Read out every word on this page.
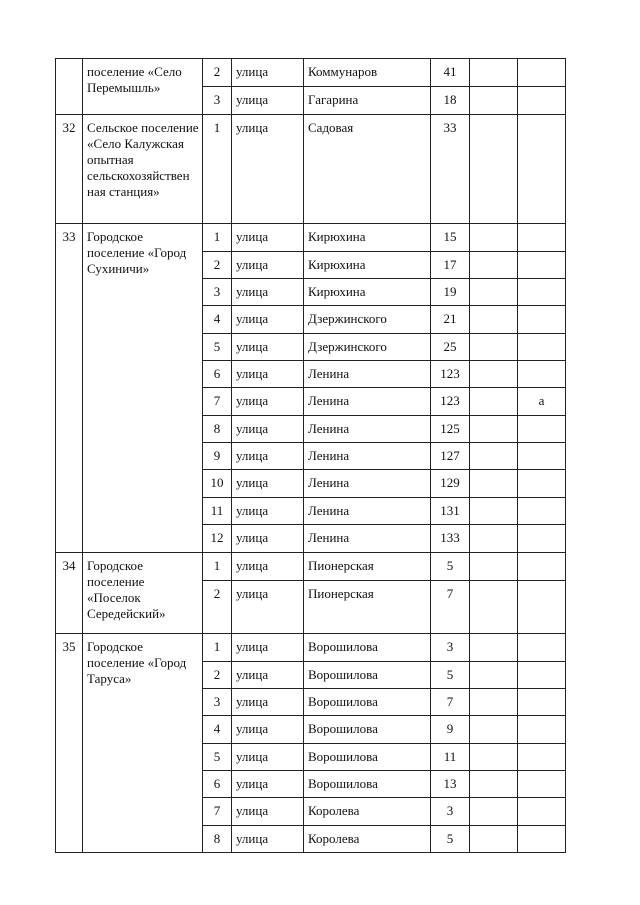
	поселение «Село Перемышль»	2	улица	Коммунаров	41		
		3	улица	Гагарина	18		
32	Сельское поселение «Село Калужская опытная сельскохозяйствен ная станция»	1	улица	Садовая	33		
33	Городское поселение «Город Сухиничи»	1	улица	Кирюхина	15		
		2	улица	Кирюхина	17		
		3	улица	Кирюхина	19		
		4	улица	Дзержинского	21		
		5	улица	Дзержинского	25		
		6	улица	Ленина	123		
		7	улица	Ленина	123		а
		8	улица	Ленина	125		
		9	улица	Ленина	127		
		10	улица	Ленина	129		
		11	улица	Ленина	131		
		12	улица	Ленина	133		
34	Городское поселение «Поселок Середейский»	1	улица	Пионерская	5		
		2	улица	Пионерская	7		
35	Городское поселение «Город Таруса»	1	улица	Ворошилова	3		
		2	улица	Ворошилова	5		
		3	улица	Ворошилова	7		
		4	улица	Ворошилова	9		
		5	улица	Ворошилова	11		
		6	улица	Ворошилова	13		
		7	улица	Королева	3		
		8	улица	Королева	5		
